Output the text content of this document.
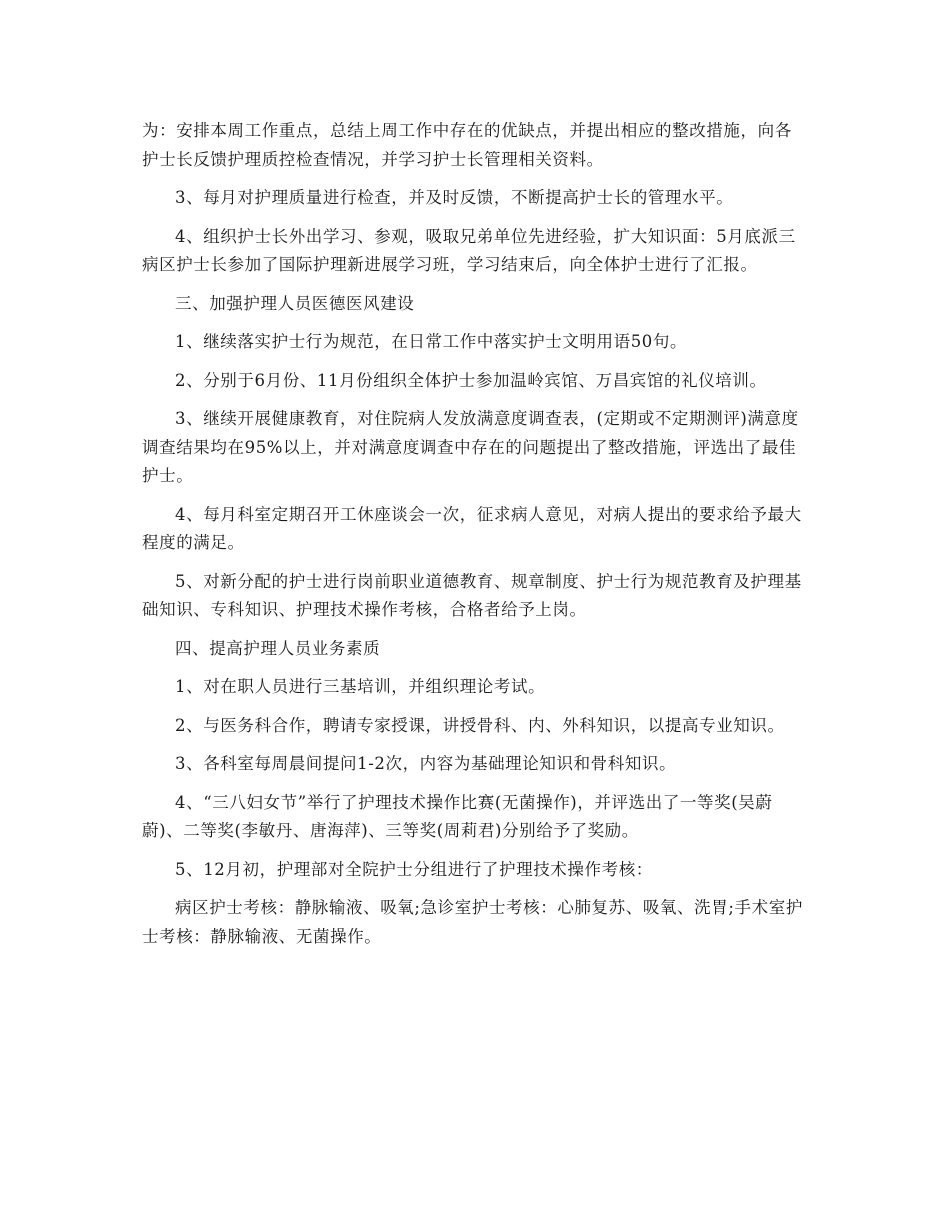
为：安排本周工作重点，总结上周工作中存在的优缺点，并提出相应的整改措施，向各护士长反馈护理质控检查情况，并学习护士长管理相关资料。

3、每月对护理质量进行检查，并及时反馈，不断提高护士长的管理水平。

4、组织护士长外出学习、参观，吸取兄弟单位先进经验，扩大知识面：5月底派三病区护士长参加了国际护理新进展学习班，学习结束后，向全体护士进行了汇报。

三、加强护理人员医德医风建设

1、继续落实护士行为规范，在日常工作中落实护士文明用语50句。

2、分别于6月份、11月份组织全体护士参加温岭宾馆、万昌宾馆的礼仪培训。

3、继续开展健康教育，对住院病人发放满意度调查表，(定期或不定期测评)满意度调查结果均在95%以上，并对满意度调查中存在的问题提出了整改措施，评选出了最佳护士。

4、每月科室定期召开工休座谈会一次，征求病人意见，对病人提出的要求给予最大程度的满足。

5、对新分配的护士进行岗前职业道德教育、规章制度、护士行为规范教育及护理基础知识、专科知识、护理技术操作考核，合格者给予上岗。

四、提高护理人员业务素质

1、对在职人员进行三基培训，并组织理论考试。

2、与医务科合作，聘请专家授课，讲授骨科、内、外科知识，以提高专业知识。

3、各科室每周晨间提问1-2次，内容为基础理论知识和骨科知识。

4、“三八妇女节”举行了护理技术操作比赛(无菌操作)，并评选出了一等奖(吴蔚蔚)、二等奖(李敏丹、唐海萍)、三等奖(周莉君)分别给予了奖励。

5、12月初，护理部对全院护士分组进行了护理技术操作考核：

病区护士考核：静脉输液、吸氧;急诊室护士考核：心肺复苏、吸氧、洗胃;手术室护士考核：静脉输液、无菌操作。
